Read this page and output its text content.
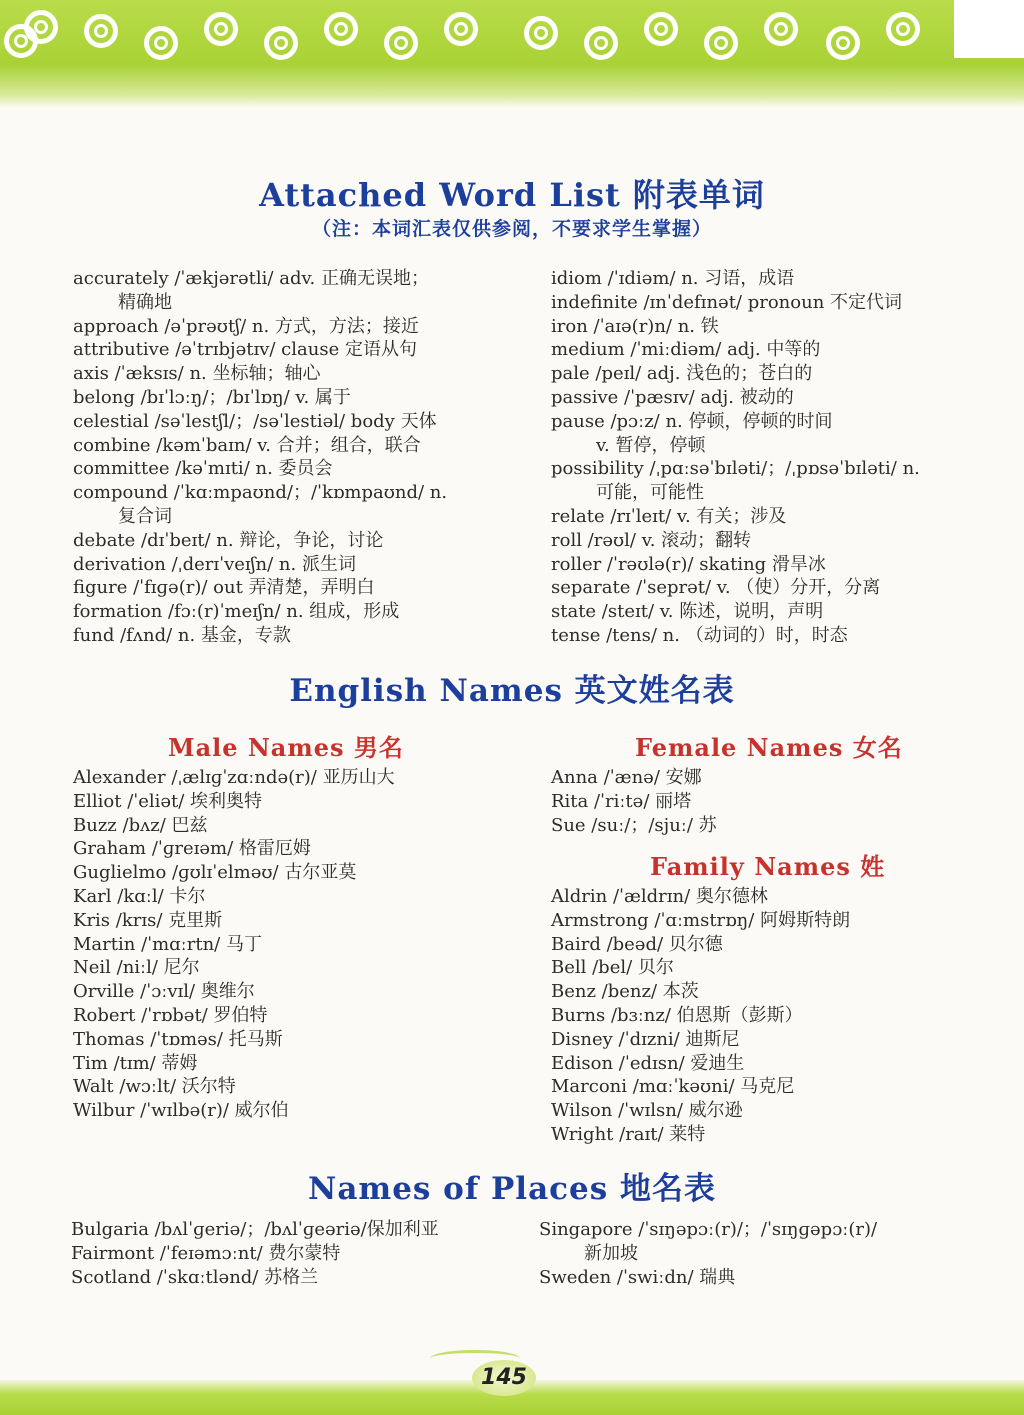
Attached Word List 附表单词
（注：本词汇表仅供参阅，不要求学生掌握）
accurately /ˈækjərətli/ adv. 正确无误地；
精确地
approach /əˈprəʊtʃ/ n. 方式，方法；接近
attributive /əˈtrɪbjətɪv/ clause 定语从句
axis /ˈæksɪs/ n. 坐标轴；轴心
belong /bɪˈlɔːŋ/；/bɪˈlɒŋ/ v. 属于
celestial /səˈlestʃl/；/səˈlestiəl/ body 天体
combine /kəmˈbaɪn/ v. 合并；组合，联合
committee /kəˈmɪti/ n. 委员会
compound /ˈkɑːmpaʊnd/；/ˈkɒmpaʊnd/ n.
复合词
debate /dɪˈbeɪt/ n. 辩论，争论，讨论
derivation /ˌderɪˈveɪʃn/ n. 派生词
figure /ˈfɪɡə(r)/ out 弄清楚，弄明白
formation /fɔː(r)ˈmeɪʃn/ n. 组成，形成
fund /fʌnd/ n. 基金，专款
idiom /ˈɪdiəm/ n. 习语，成语
indefinite /ɪnˈdefɪnət/ pronoun 不定代词
iron /ˈaɪə(r)n/ n. 铁
medium /ˈmiːdiəm/ adj. 中等的
pale /peɪl/ adj. 浅色的；苍白的
passive /ˈpæsɪv/ adj. 被动的
pause /pɔːz/ n. 停顿，停顿的时间
v. 暂停，停顿
possibility /ˌpɑːsəˈbɪləti/；/ˌpɒsəˈbɪləti/ n.
可能，可能性
relate /rɪˈleɪt/ v. 有关；涉及
roll /rəʊl/ v. 滚动；翻转
roller /ˈrəʊlə(r)/ skating 滑旱冰
separate /ˈseprət/ v. （使）分开，分离
state /steɪt/ v. 陈述，说明，声明
tense /tens/ n. （动词的）时，时态
English Names 英文姓名表
Male Names 男名	Female Names 女名
Alexander /ˌælɪɡˈzɑːndə(r)/ 亚历山大
Elliot /ˈeliət/ 埃利奥特
Buzz /bʌz/ 巴兹
Graham /ˈɡreɪəm/ 格雷厄姆
Guglielmo /ɡʊlɪˈelməʊ/ 古尔亚莫
Karl /kɑːl/ 卡尔
Kris /krɪs/ 克里斯
Martin /ˈmɑːrtn/ 马丁
Neil /niːl/ 尼尔
Orville /ˈɔːvɪl/ 奥维尔
Robert /ˈrɒbət/ 罗伯特
Thomas /ˈtɒməs/ 托马斯
Tim /tɪm/ 蒂姆
Walt /wɔːlt/ 沃尔特
Wilbur /ˈwɪlbə(r)/ 威尔伯
Anna /ˈænə/ 安娜
Rita /ˈriːtə/ 丽塔
Sue /suː/；/sjuː/ 苏
Family Names 姓
Aldrin /ˈældrɪn/ 奥尔德林
Armstrong /ˈɑːmstrɒŋ/ 阿姆斯特朗
Baird /beəd/ 贝尔德
Bell /bel/ 贝尔
Benz /benz/ 本茨
Burns /bɜːnz/ 伯恩斯（彭斯）
Disney /ˈdɪzni/ 迪斯尼
Edison /ˈedɪsn/ 爱迪生
Marconi /mɑːˈkəʊni/ 马克尼
Wilson /ˈwɪlsn/ 威尔逊
Wright /raɪt/ 莱特
Names of Places 地名表
Bulgaria /bʌlˈɡeriə/；/bʌlˈɡeəriə/保加利亚
Fairmont /ˈfeɪəmɔːnt/ 费尔蒙特
Scotland /ˈskɑːtlənd/ 苏格兰
Singapore /ˈsɪŋəpɔː(r)/；/ˈsɪŋɡəpɔː(r)/
新加坡
Sweden /ˈswiːdn/ 瑞典
145
